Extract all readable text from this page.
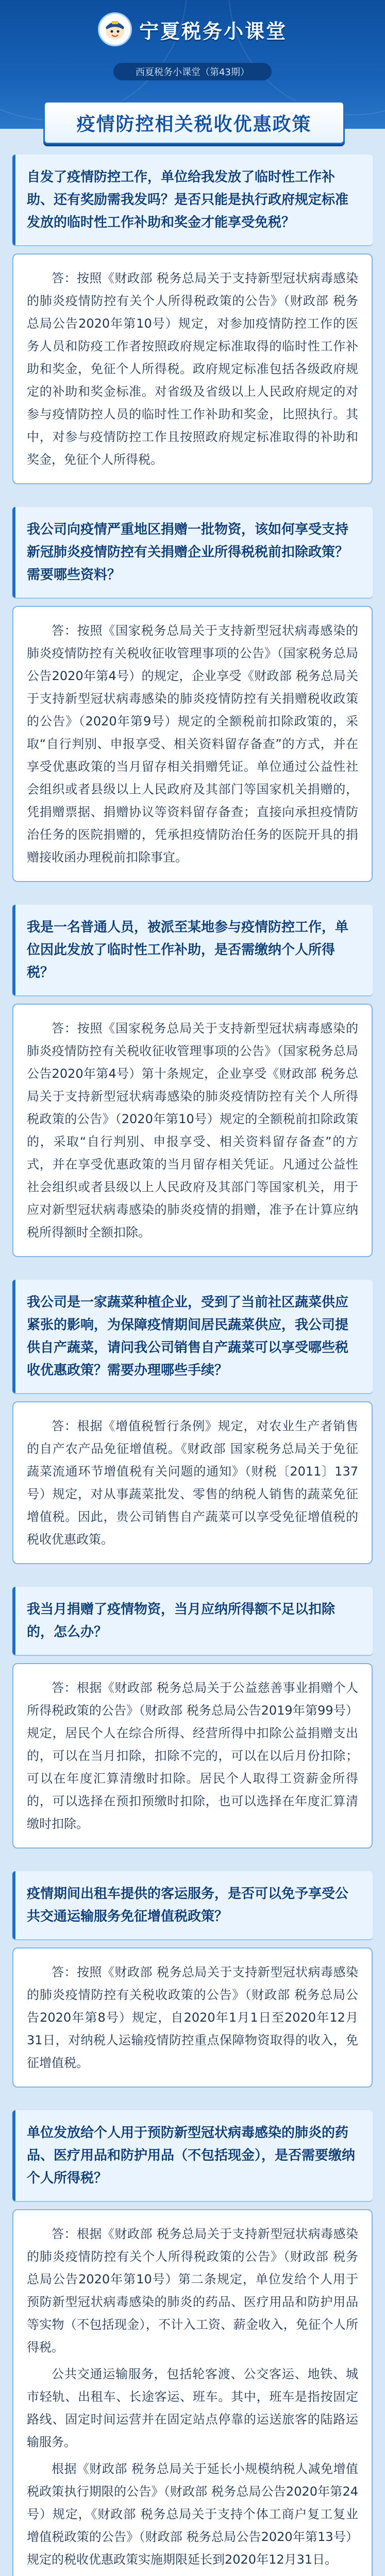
宁夏税务小课堂
西夏税务小课堂（第43期）
疫情防控相关税收优惠政策

自发了疫情防控工作，单位给我发放了临时性工作补助、还有奖励需我发吗？是否只能是执行政府规定标准发放的临时性工作补助和奖金才能享受免税？

答：按照《财政部 税务总局关于支持新型冠状病毒感染的肺炎疫情防控有关个人所得税政策的公告》（财政部 税务总局公告2020年第10号）规定，对参加疫情防控工作的医务人员和防疫工作者按照政府规定标准取得的临时性工作补助和奖金，免征个人所得税。政府规定标准包括各级政府规定的补助和奖金标准。对省级及省级以上人民政府规定的对参与疫情防控人员的临时性工作补助和奖金，比照执行。其中，对参与疫情防控工作且按照政府规定标准取得的补助和奖金，免征个人所得税。

我公司向疫情严重地区捐赠一批物资，该如何享受支持新冠肺炎疫情防控有关捐赠企业所得税税前扣除政策？需要哪些资料？

答：按照《国家税务总局关于支持新型冠状病毒感染的肺炎疫情防控有关税收征收管理事项的公告》（国家税务总局公告2020年第4号）的规定，企业享受《财政部 税务总局关于支持新型冠状病毒感染的肺炎疫情防控有关捐赠税收政策的公告》（2020年第9号）规定的全额税前扣除政策的，采取“自行判别、申报享受、相关资料留存备查”的方式，并在享受优惠政策的当月留存相关捐赠凭证。单位通过公益性社会组织或者县级以上人民政府及其部门等国家机关捐赠的，凭捐赠票据、捐赠协议等资料留存备查；直接向承担疫情防治任务的医院捐赠的，凭承担疫情防治任务的医院开具的捐赠接收函办理税前扣除事宜。

我是一名普通人员，被派至某地参与疫情防控工作，单位因此发放了临时性工作补助，是否需缴纳个人所得税？

答：按照《国家税务总局关于支持新型冠状病毒感染的肺炎疫情防控有关税收征收管理事项的公告》（国家税务总局公告2020年第4号）第十条规定，企业享受《财政部 税务总局关于支持新型冠状病毒感染的肺炎疫情防控有关个人所得税政策的公告》（2020年第10号）规定的全额税前扣除政策的，采取“自行判别、申报享受、相关资料留存备查”的方式，并在享受优惠政策的当月留存相关凭证。凡通过公益性社会组织或者县级以上人民政府及其部门等国家机关，用于应对新型冠状病毒感染的肺炎疫情的捐赠，准予在计算应纳税所得额时全额扣除。

我公司是一家蔬菜种植企业，受到了当前社区蔬菜供应紧张的影响，为保障疫情期间居民蔬菜供应，我公司提供自产蔬菜，请问我公司销售自产蔬菜可以享受哪些税收优惠政策？需要办理哪些手续？

答：根据《增值税暂行条例》规定，对农业生产者销售的自产农产品免征增值税。《财政部 国家税务总局关于免征蔬菜流通环节增值税有关问题的通知》（财税〔2011〕137号）规定，对从事蔬菜批发、零售的纳税人销售的蔬菜免征增值税。因此，贵公司销售自产蔬菜可以享受免征增值税的税收优惠政策。

我当月捐赠了疫情物资，当月应纳所得额不足以扣除的，怎么办？

答：根据《财政部 税务总局关于公益慈善事业捐赠个人所得税政策的公告》（财政部 税务总局公告2019年第99号）规定，居民个人在综合所得、经营所得中扣除公益捐赠支出的，可以在当月扣除，扣除不完的，可以在以后月份扣除；可以在年度汇算清缴时扣除。居民个人取得工资薪金所得的，可以选择在预扣预缴时扣除，也可以选择在年度汇算清缴时扣除。

疫情期间出租车提供的客运服务，是否可以免予享受公共交通运输服务免征增值税政策？

答：按照《财政部 税务总局关于支持新型冠状病毒感染的肺炎疫情防控有关税收政策的公告》（财政部 税务总局公告2020年第8号）规定，自2020年1月1日至2020年12月31日，对纳税人运输疫情防控重点保障物资取得的收入，免征增值税。

单位发放给个人用于预防新型冠状病毒感染的肺炎的药品、医疗用品和防护用品（不包括现金），是否需要缴纳个人所得税？

答：根据《财政部 税务总局关于支持新型冠状病毒感染的肺炎疫情防控有关个人所得税政策的公告》（财政部 税务总局公告2020年第10号）第二条规定，单位发给个人用于预防新型冠状病毒感染的肺炎的药品、医疗用品和防护用品等实物（不包括现金），不计入工资、薪金收入，免征个人所得税。

公共交通运输服务，包括轮客渡、公交客运、地铁、城市轻轨、出租车、长途客运、班车。其中，班车是指按固定路线、固定时间运营并在固定站点停靠的运送旅客的陆路运输服务。

根据《财政部 税务总局关于延长小规模纳税人减免增值税政策执行期限的公告》（财政部 税务总局公告2020年第24号）规定，《财政部 税务总局关于支持个体工商户复工复业增值税政策的公告》（财政部 税务总局公告2020年第13号）规定的税收优惠政策实施期限延长到2020年12月31日。
